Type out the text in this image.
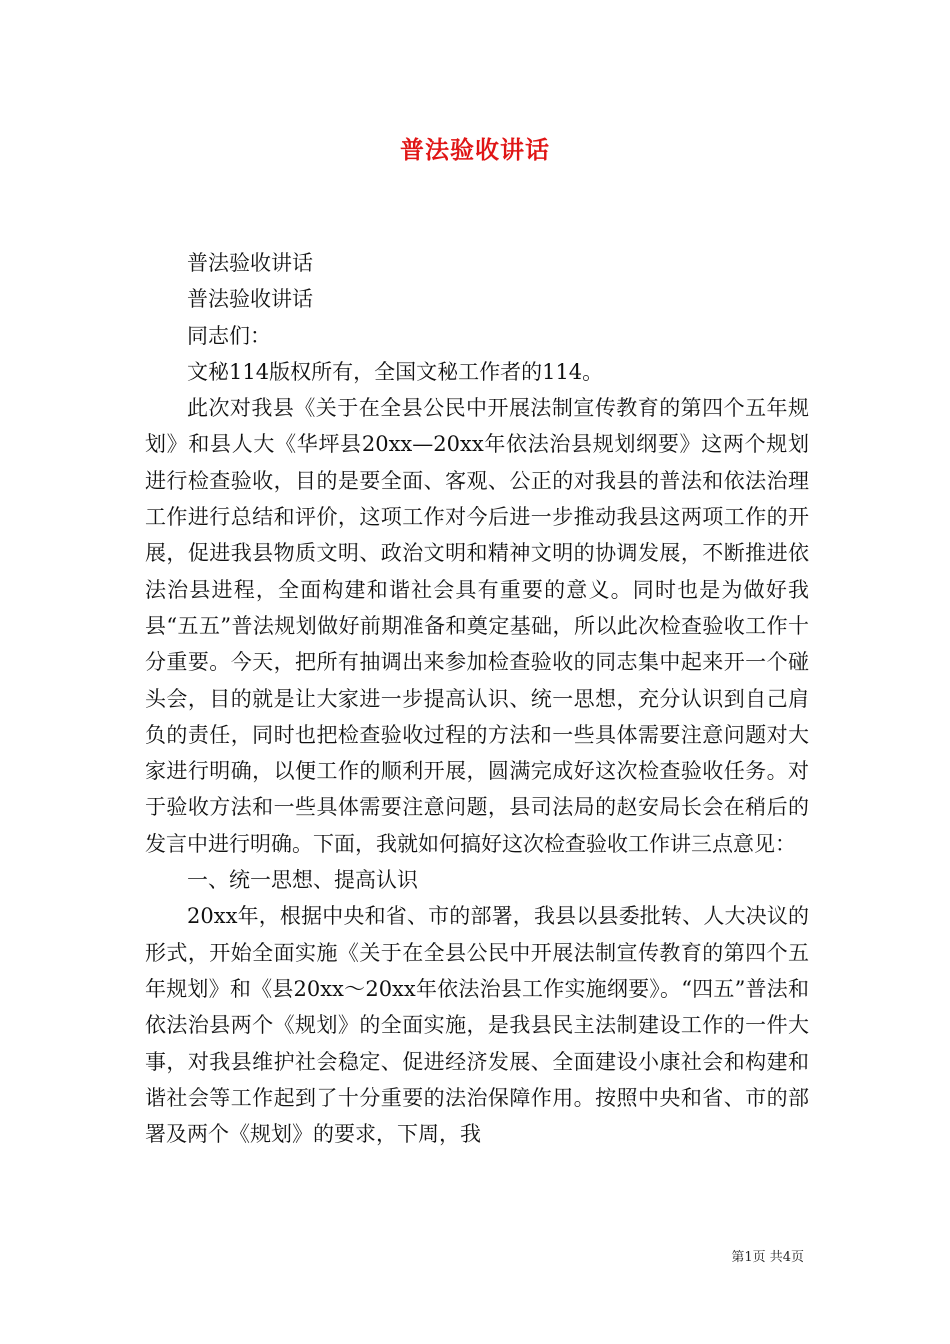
普法验收讲话

普法验收讲话

普法验收讲话

同志们：

文秘114版权所有，全国文秘工作者的114。

此次对我县《关于在全县公民中开展法制宣传教育的第四个五年规划》和县人大《华坪县20xx—20xx年依法治县规划纲要》这两个规划进行检查验收，目的是要全面、客观、公正的对我县的普法和依法治理工作进行总结和评价，这项工作对今后进一步推动我县这两项工作的开展，促进我县物质文明、政治文明和精神文明的协调发展，不断推进依法治县进程，全面构建和谐社会具有重要的意义。同时也是为做好我县“五五”普法规划做好前期准备和奠定基础，所以此次检查验收工作十分重要。今天，把所有抽调出来参加检查验收的同志集中起来开一个碰头会，目的就是让大家进一步提高认识、统一思想，充分认识到自己肩负的责任，同时也把检查验收过程的方法和一些具体需要注意问题对大家进行明确，以便工作的顺利开展，圆满完成好这次检查验收任务。对于验收方法和一些具体需要注意问题，县司法局的赵安局长会在稍后的发言中进行明确。下面，我就如何搞好这次检查验收工作讲三点意见：

一、统一思想、提高认识

20xx年，根据中央和省、市的部署，我县以县委批转、人大决议的形式，开始全面实施《关于在全县公民中开展法制宣传教育的第四个五年规划》和《县20xx～20xx年依法治县工作实施纲要》。“四五”普法和依法治县两个《规划》的全面实施，是我县民主法制建设工作的一件大事，对我县维护社会稳定、促进经济发展、全面建设小康社会和构建和谐社会等工作起到了十分重要的法治保障作用。按照中央和省、市的部署及两个《规划》的要求，下周，我

第1页 共4页
